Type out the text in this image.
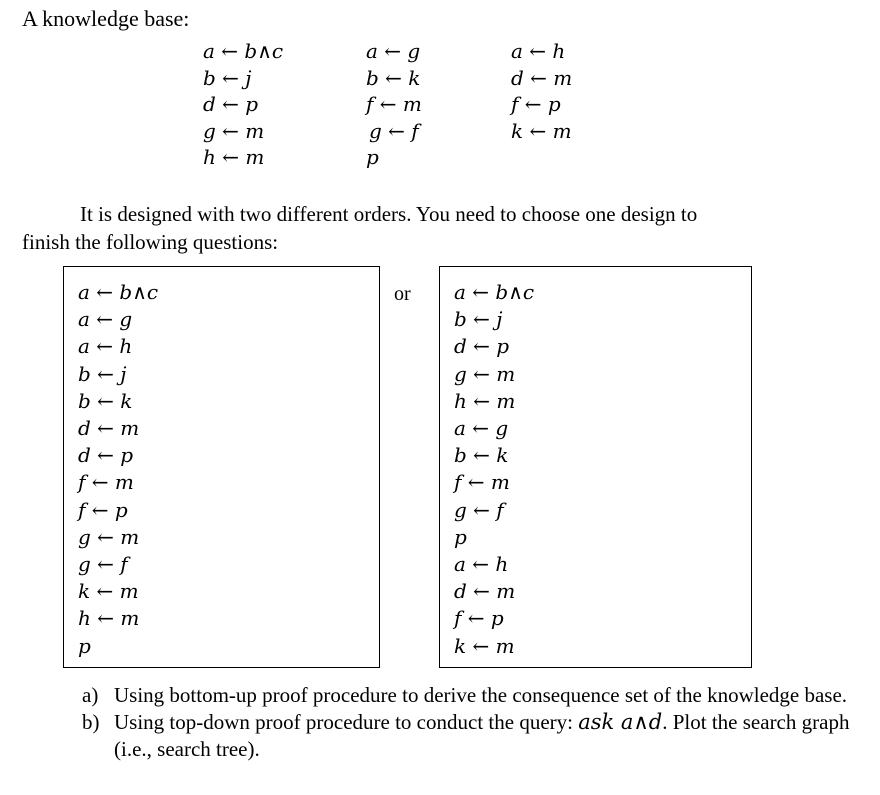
A knowledge base:
a ← b∧c
b ← j
d ← p
g ← m
h ← m
a ← g
b ← k
f ← m
g ← f
p
a ← h
d ← m
f ← p
k ← m
It is designed with two different orders. You need to choose one design to
finish the following questions:
a ← b∧c
a ← g
a ← h
b ← j
b ← k
d ← m
d ← p
f ← m
f ← p
g ← m
g ← f
k ← m
h ← m
p
or a ← b∧c
b ← j
d ← p
g ← m
h ← m
a ← g
b ← k
f ← m
g ← f
p
a ← h
d ← m
f ← p
k ← m
a) Using bottom-up proof procedure to derive the consequence set of the knowledge base.
b) Using top-down proof procedure to conduct the query: ask a∧d. Plot the search graph (i.e., search tree).
